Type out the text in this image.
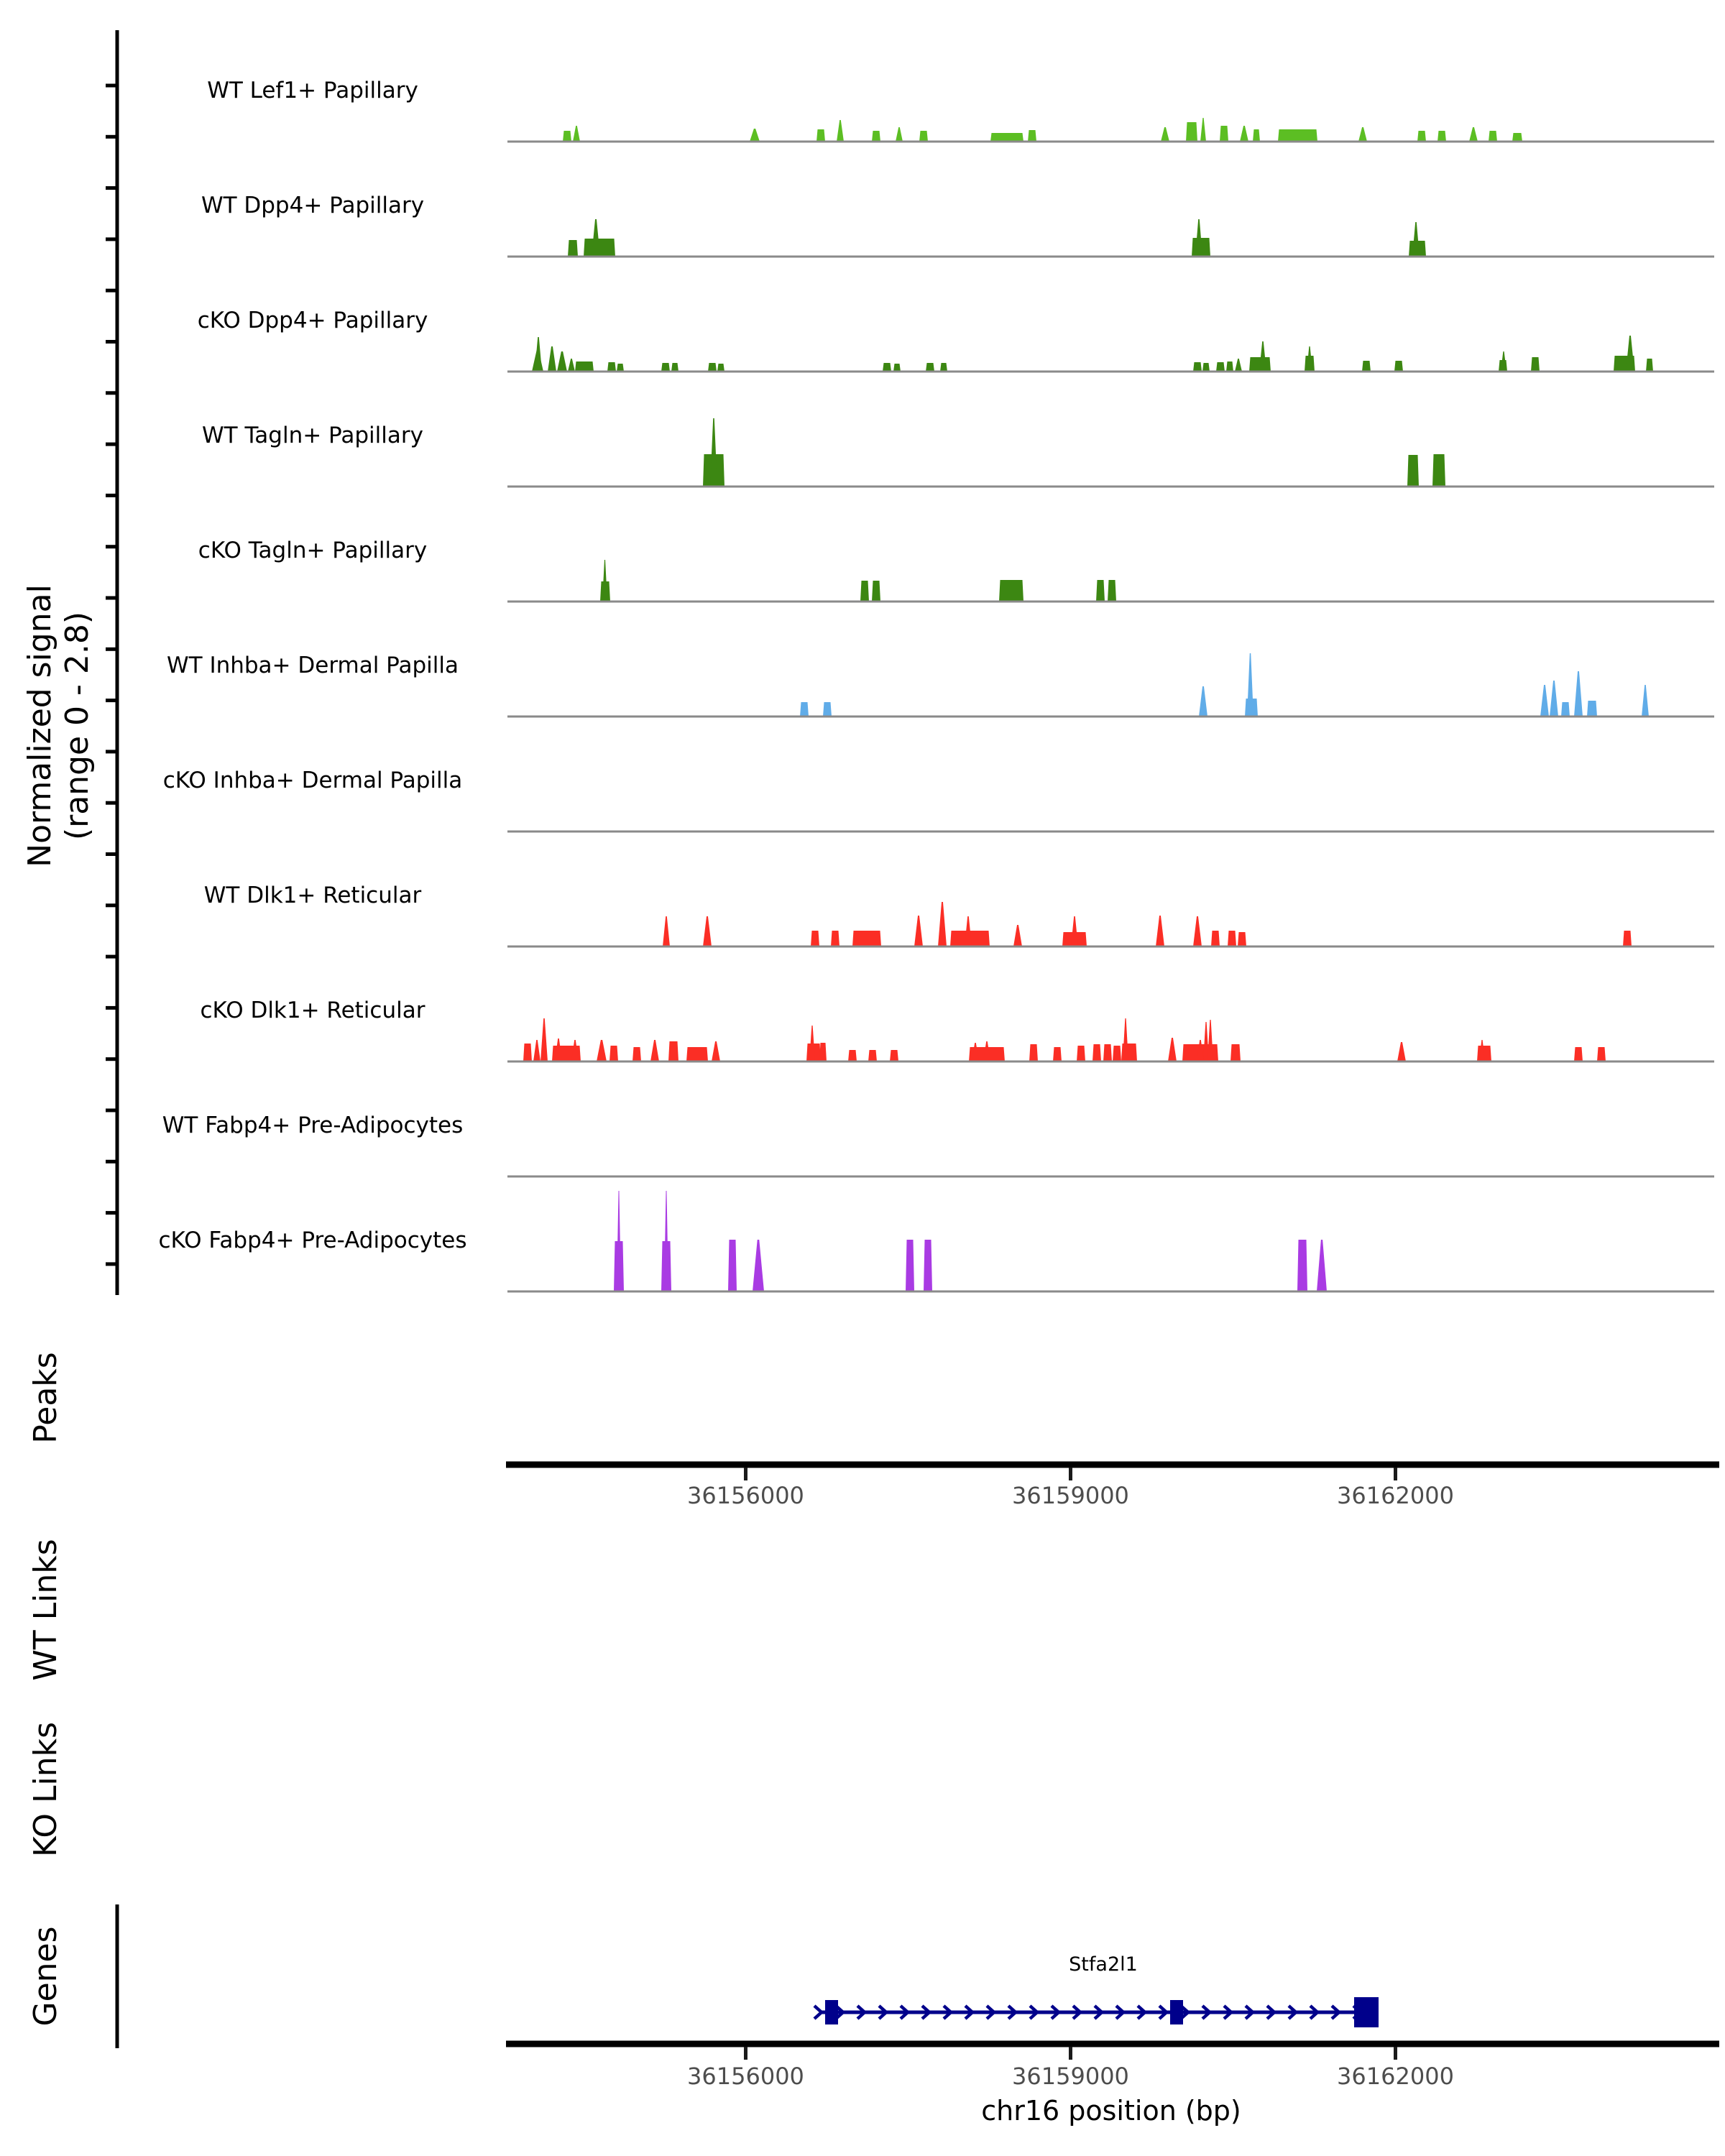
Normalized signal (range 0 - 2.8)
Peaks
WT Links
KO Links
Genes
WT Lef1+ Papillary
WT Dpp4+ Papillary
cKO Dpp4+ Papillary
WT Tagln+ Papillary
cKO Tagln+ Papillary
WT Inhba+ Dermal Papilla
cKO Inhba+ Dermal Papilla
WT Dlk1+ Reticular
cKO Dlk1+ Reticular
WT Fabp4+ Pre-Adipocytes
cKO Fabp4+ Pre-Adipocytes
36156000	36159000	36162000
36156000	36159000	36162000
Stfa2l1
chr16 position (bp)
